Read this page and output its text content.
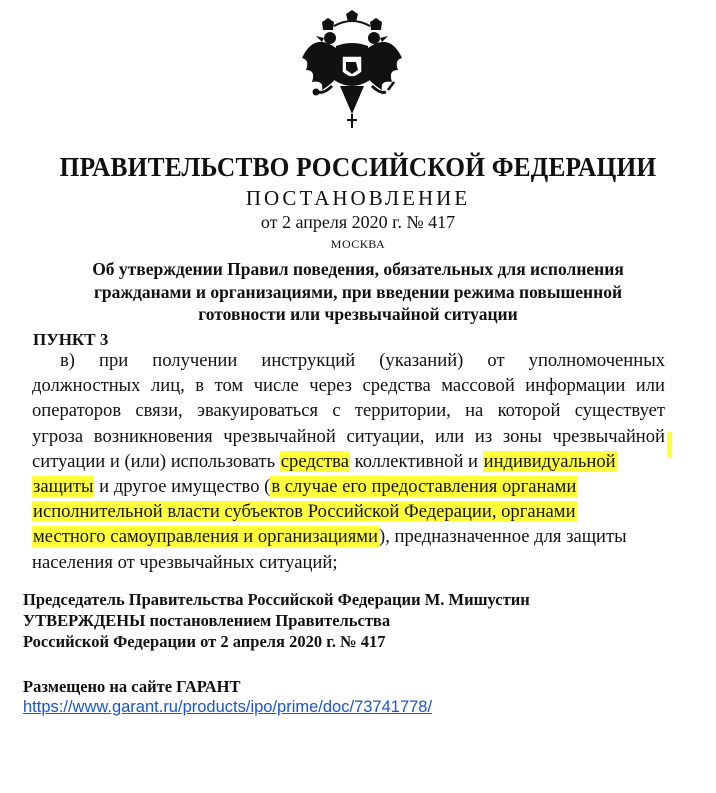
ПРАВИТЕЛЬСТВО РОССИЙСКОЙ ФЕДЕРАЦИИ
ПОСТАНОВЛЕНИЕ
от 2 апреля 2020 г. № 417
МОСКВА
Об утверждении Правил поведения, обязательных для исполнения
гражданами и организациями, при введении режима повышенной
готовности или чрезвычайной ситуации
ПУНКТ 3
в) при получении инструкций (указаний) от уполномоченных
должностных лиц, в том числе через средства массовой информации или
операторов связи, эвакуироваться с территории, на которой существует
угроза возникновения чрезвычайной ситуации, или из зоны чрезвычайной
ситуации и (или) использовать средства коллективной и индивидуальной
защиты и другое имущество (в случае его предоставления органами
исполнительной власти субъектов Российской Федерации, органами
местного самоуправления и организациями), предназначенное для защиты
населения от чрезвычайных ситуаций;
Председатель Правительства Российской Федерации М. Мишустин
УТВЕРЖДЕНЫ постановлением Правительства
Российской Федерации от 2 апреля 2020 г. № 417
Размещено на сайте ГАРАНТ
https://www.garant.ru/products/ipo/prime/doc/73741778/
